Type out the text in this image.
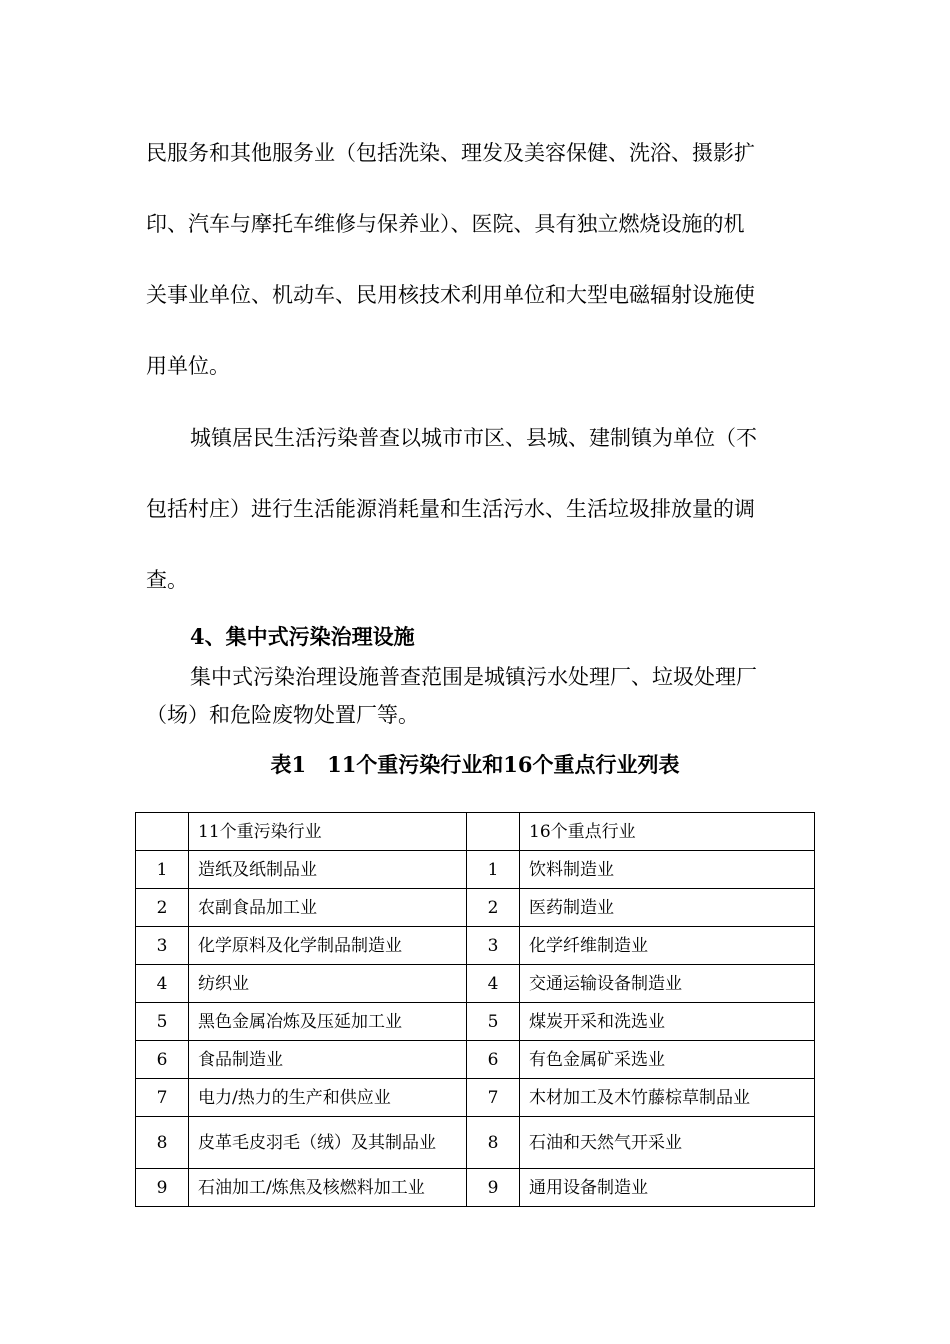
民服务和其他服务业（包括洗染、理发及美容保健、洗浴、摄影扩
印、汽车与摩托车维修与保养业）、医院、具有独立燃烧设施的机
关事业单位、机动车、民用核技术利用单位和大型电磁辐射设施使
用单位。
城镇居民生活污染普查以城市市区、县城、建制镇为单位（不
包括村庄）进行生活能源消耗量和生活污水、生活垃圾排放量的调
查。
4、集中式污染治理设施
集中式污染治理设施普查范围是城镇污水处理厂、垃圾处理厂
（场）和危险废物处置厂等。
表1　11个重污染行业和16个重点行业列表
	11个重污染行业		16个重点行业
1	造纸及纸制品业	1	饮料制造业
2	农副食品加工业	2	医药制造业
3	化学原料及化学制品制造业	3	化学纤维制造业
4	纺织业	4	交通运输设备制造业
5	黑色金属冶炼及压延加工业	5	煤炭开采和洗选业
6	食品制造业	6	有色金属矿采选业
7	电力/热力的生产和供应业	7	木材加工及木竹藤棕草制品业
8	皮革毛皮羽毛（绒）及其制品业	8	石油和天然气开采业
9	石油加工/炼焦及核燃料加工业	9	通用设备制造业
